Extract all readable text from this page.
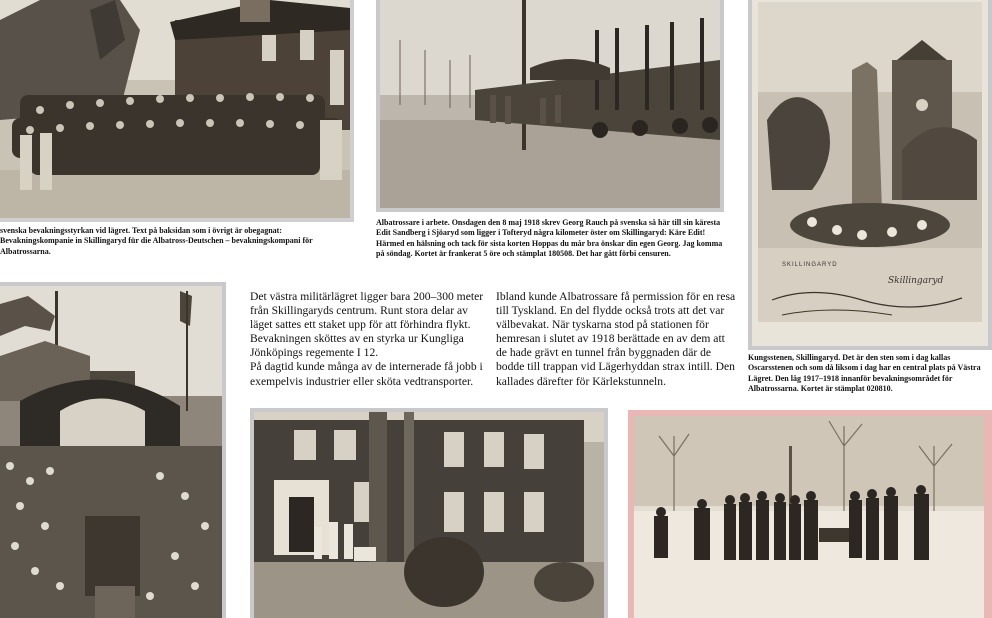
svenska bevakningsstyrkan vid lägret. Text på baksidan som i övrigt är obegagnat: Bevakningskompanie in Skillingaryd für die Albatross-Deutschen – bevakningskompani för Albatrossarna.

Albatrossare i arbete. Onsdagen den 8 maj 1918 skrev Georg Rauch på svenska så här till sin käresta Edit Sandberg i Sjöaryd som ligger i Tofteryd några kilometer öster om Skillingaryd: Käre Edit! Härmed en hälsning och tack för sista korten Hoppas du mår bra önskar din egen Georg. Jag komma på söndag. Kortet är frankerat 5 öre och stämplat 180508. Det har gått förbi censuren.

SKILLINGARYD
Skillingaryd

Kungsstenen, Skillingaryd. Det är den sten som i dag kallas Oscarsstenen och som då liksom i dag har en central plats på Västra Lägret. Den låg 1917–1918 innanför bevakningsområdet för Albatrossarna. Kortet är stämplat 020810.

Det västra militärlägret ligger bara 200–300 meter från Skillingaryds centrum. Runt stora delar av läget sattes ett staket upp för att förhindra flykt. Bevakningen sköttes av en styrka ur Kungliga Jönköpings regemente I 12.
På dagtid kunde många av de internerade få jobb i exempelvis industrier eller sköta vedtransporter.

Ibland kunde Albatrossare få permission för en resa till Tyskland. En del flydde också trots att det var välbevakat. När tyskarna stod på stationen för hemresan i slutet av 1918 berättade en av dem att de hade grävt en tunnel från byggnaden där de bodde till trappan vid Lägerhyddan strax intill. Den kallades därefter för Kärlekstunneln.
